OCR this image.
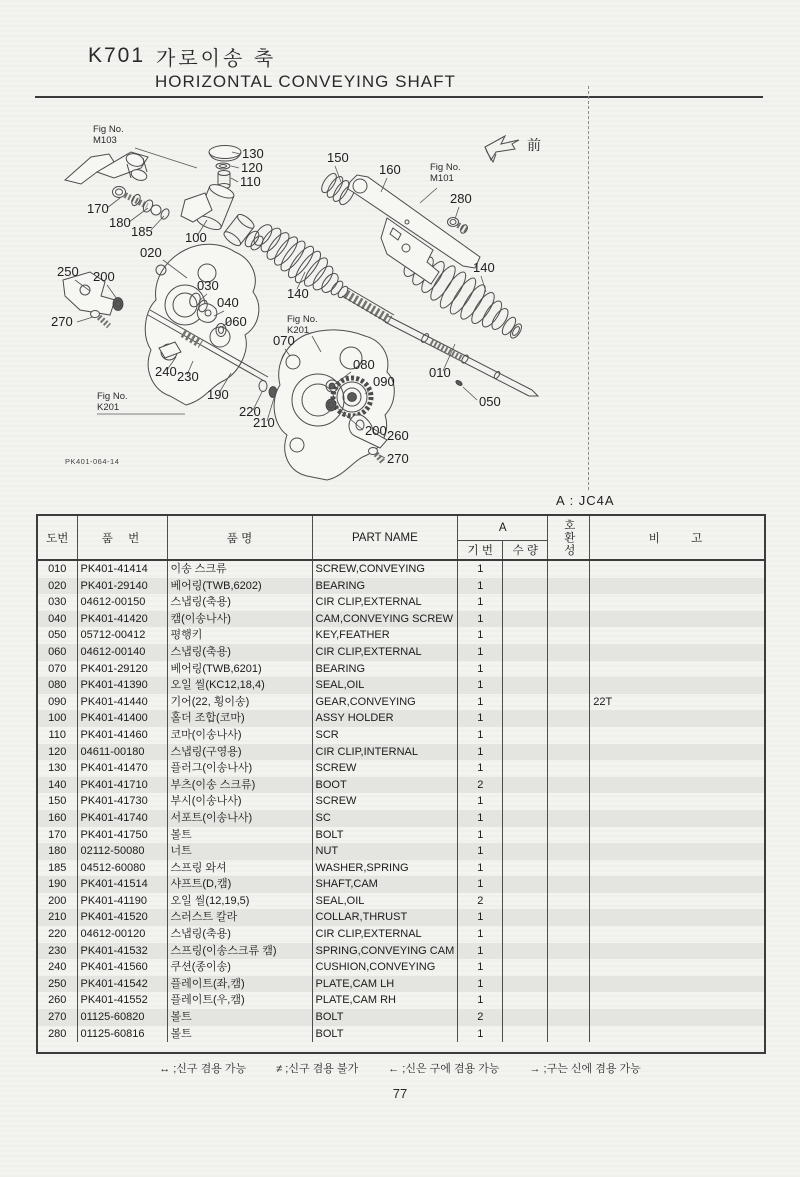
K701 가로이송 축
HORIZONTAL CONVEYING SHAFT
Fig No.
M103
130
120
110
150
160	Fig No.
M101
280
前
170
180
185 100
020
250 200
030
040
270	060
140
140
Fig No.
K201
070
080
090
240 230
190
220
210
010
050
200 260
270
Fig No.
K201
PK401-064-14
A : JC4A
도번	품 번	품 명	PART NAME	A		호환성	비 고
				기 번	수 량		
010	PK401-41414	이송 스크류	SCREW,CONVEYING	1			
020	PK401-29140	베어링(TWB,6202)	BEARING	1			
030	04612-00150	스냅링(축용)	CIR CLIP,EXTERNAL	1			
040	PK401-41420	캠(이송나사)	CAM,CONVEYING SCREW	1			
050	05712-00412	평행키	KEY,FEATHER	1			
060	04612-00140	스냅링(축용)	CIR CLIP,EXTERNAL	1			
070	PK401-29120	베어링(TWB,6201)	BEARING	1			
080	PK401-41390	오일 씰(KC12,18,4)	SEAL,OIL	1			
090	PK401-41440	기어(22, 횡이송)	GEAR,CONVEYING	1			22T
100	PK401-41400	홀더 조합(코마)	ASSY HOLDER	1			
110	PK401-41460	코마(이송나사)	SCR	1			
120	04611-00180	스냅링(구영용)	CIR CLIP,INTERNAL	1			
130	PK401-41470	플러그(이송나사)	SCREW	1			
140	PK401-41710	부츠(이송 스크류)	BOOT	2			
150	PK401-41730	부시(이송나사)	SCREW	1			
160	PK401-41740	서포트(이송나사)	SC	1			
170	PK401-41750	볼트	BOLT	1			
180	02112-50080	너트	NUT	1			
185	04512-60080	스프링 와셔	WASHER,SPRING	1			
190	PK401-41514	샤프트(D,캠)	SHAFT,CAM	1			
200	PK401-41190	오일 씰(12,19,5)	SEAL,OIL	2			
210	PK401-41520	스러스트 칼라	COLLAR,THRUST	1			
220	04612-00120	스냅링(축용)	CIR CLIP,EXTERNAL	1			
230	PK401-41532	스프링(이송스크류 캠)	SPRING,CONVEYING CAM	1			
240	PK401-41560	쿠션(종이송)	CUSHION,CONVEYING	1			
250	PK401-41542	플레이트(좌,캠)	PLATE,CAM LH	1			
260	PK401-41552	플레이트(우,캠)	PLATE,CAM RH	1			
270	01125-60820	볼트	BOLT	2			
280	01125-60816	볼트	BOLT	1			

↔ ;신구 겸용 가능	≠ ;신구 겸용 불가	← ;신은 구에 겸용 가능	→ ;구는 신에 겸용 가능
77
